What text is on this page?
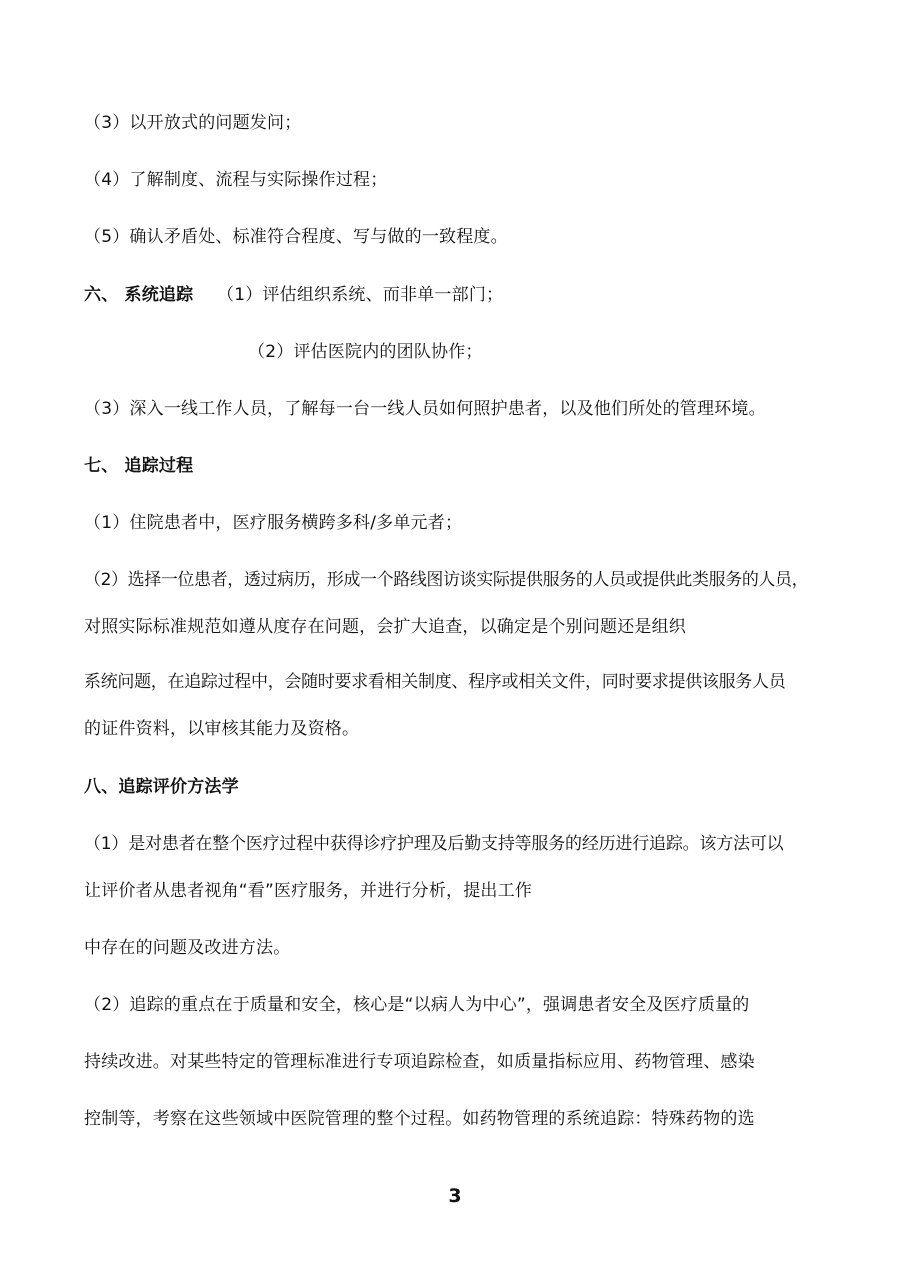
（3）以开放式的问题发问；
（4）了解制度、流程与实际操作过程；
（5）确认矛盾处、标准符合程度、写与做的一致程度。
六、 系统追踪 （1）评估组织系统、而非单一部门；
（2）评估医院内的团队协作；
（3）深入一线工作人员，了解每一台一线人员如何照护患者，以及他们所处的管理环境。
七、 追踪过程
（1）住院患者中，医疗服务横跨多科/多单元者；
（2）选择一位患者，透过病历，形成一个路线图访谈实际提供服务的人员或提供此类服务的人员，
对照实际标准规范如遵从度存在问题，会扩大追查，以确定是个别问题还是组织
系统问题，在追踪过程中，会随时要求看相关制度、程序或相关文件，同时要求提供该服务人员
的证件资料，以审核其能力及资格。
八、追踪评价方法学
（1）是对患者在整个医疗过程中获得诊疗护理及后勤支持等服务的经历进行追踪。该方法可以
让评价者从患者视角“看”医疗服务，并进行分析，提出工作
中存在的问题及改进方法。
（2）追踪的重点在于质量和安全，核心是“以病人为中心”，强调患者安全及医疗质量的
持续改进。对某些特定的管理标准进行专项追踪检查，如质量指标应用、药物管理、感染
控制等，考察在这些领域中医院管理的整个过程。如药物管理的系统追踪：特殊药物的选
3
